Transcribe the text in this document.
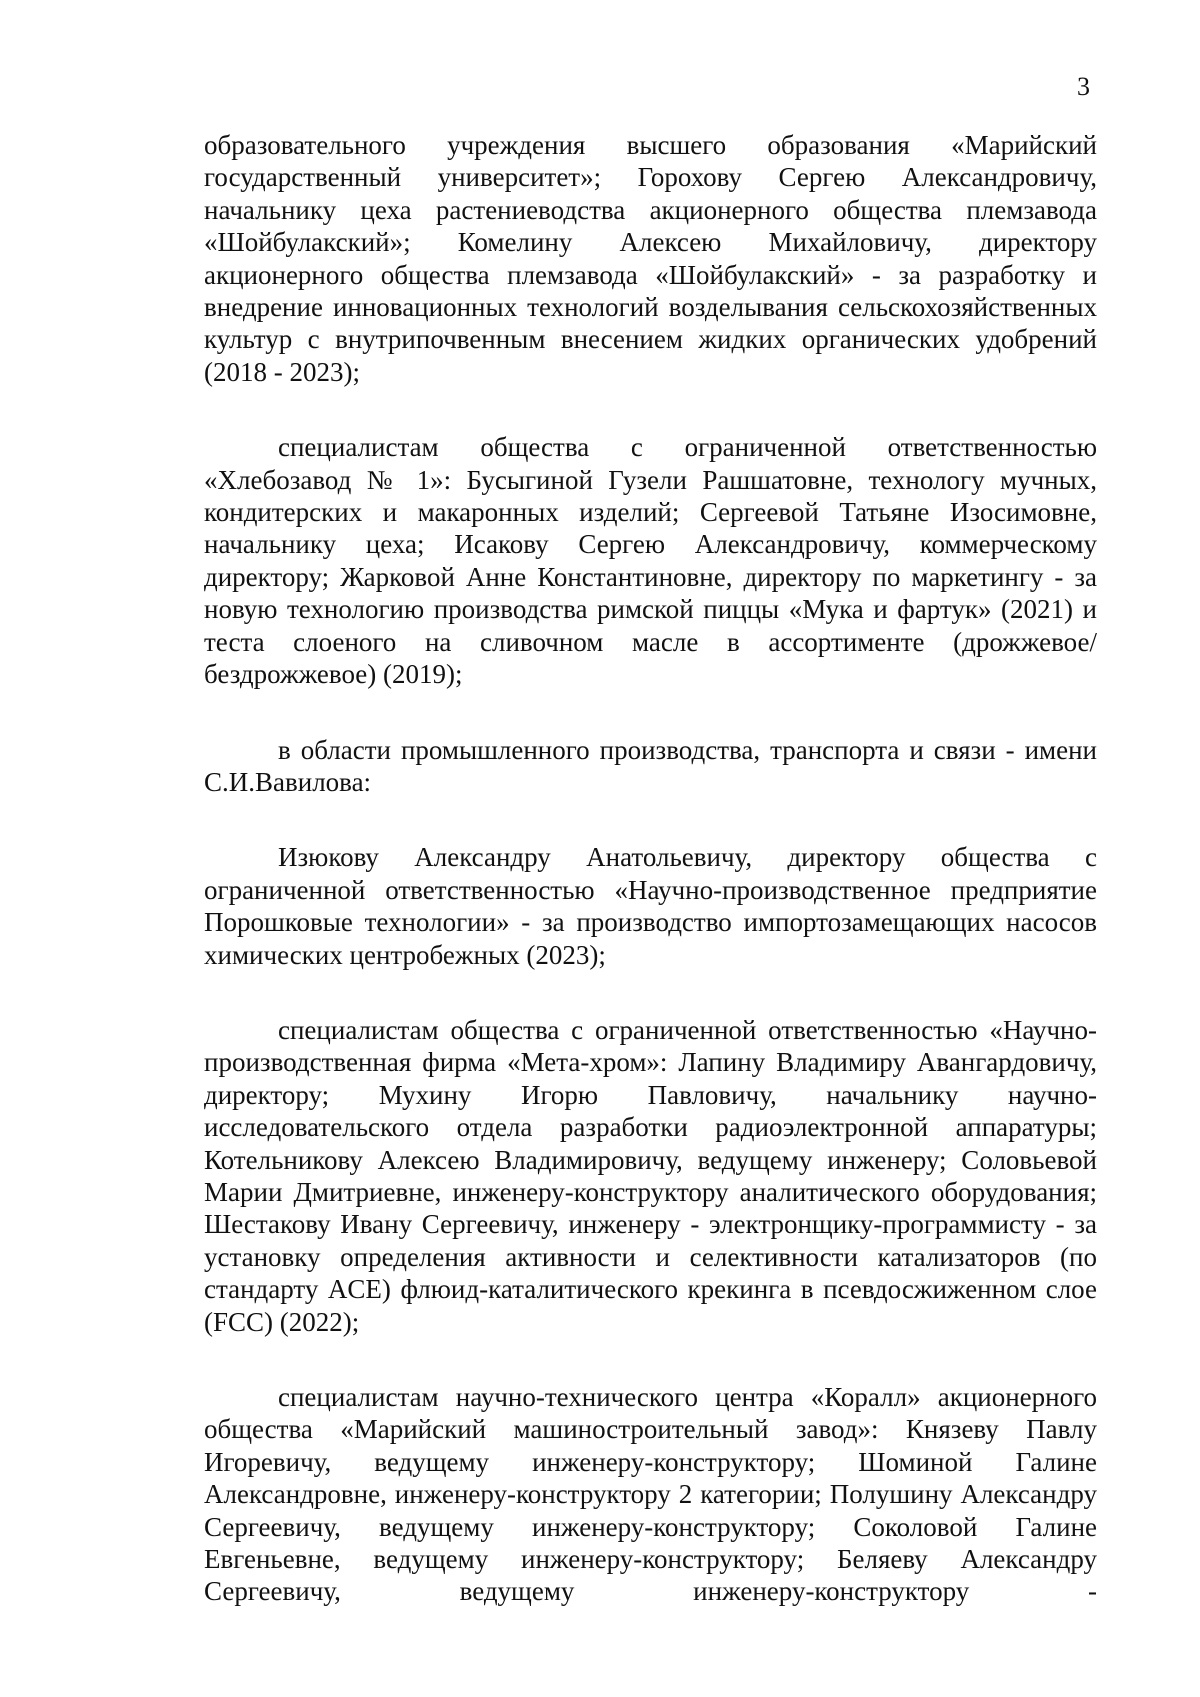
3

образовательного учреждения высшего образования «Марийский государственный университет»; Горохову Сергею Александровичу, начальнику цеха растениеводства акционерного общества племзавода «Шойбулакский»; Комелину Алексею Михайловичу, директору акционерного общества племзавода «Шойбулакский» - за разработку и внедрение инновационных технологий возделывания сельскохозяйственных культур с внутрипочвенным внесением жидких органических удобрений (2018 - 2023);

специалистам общества с ограниченной ответственностью «Хлебозавод № 1»: Бусыгиной Гузели Рашшатовне, технологу мучных, кондитерских и макаронных изделий; Сергеевой Татьяне Изосимовне, начальнику цеха; Исакову Сергею Александровичу, коммерческому директору; Жарковой Анне Константиновне, директору по маркетингу - за новую технологию производства римской пиццы «Мука и фартук» (2021) и теста слоеного на сливочном масле в ассортименте (дрожжевое/бездрожжевое) (2019);

в области промышленного производства, транспорта и связи - имени С.И.Вавилова:

Изюкову Александру Анатольевичу, директору общества с ограниченной ответственностью «Научно-производственное предприятие Порошковые технологии» - за производство импортозамещающих насосов химических центробежных (2023);

специалистам общества с ограниченной ответственностью «Научно-производственная фирма «Мета-хром»: Лапину Владимиру Авангардовичу, директору; Мухину Игорю Павловичу, начальнику научно-исследовательского отдела разработки радиоэлектронной аппаратуры; Котельникову Алексею Владимировичу, ведущему инженеру; Соловьевой Марии Дмитриевне, инженеру-конструктору аналитического оборудования; Шестакову Ивану Сергеевичу, инженеру - электронщику-программисту - за установку определения активности и селективности катализаторов (по стандарту ACE) флюид-каталитического крекинга в псевдосжиженном слое (FCC) (2022);

специалистам научно-технического центра «Коралл» акционерного общества «Марийский машиностроительный завод»: Князеву Павлу Игоревичу, ведущему инженеру-конструктору; Шоминой Галине Александровне, инженеру-конструктору 2 категории; Полушину Александру Сергеевичу, ведущему инженеру-конструктору; Соколовой Галине Евгеньевне, ведущему инженеру-конструктору; Беляеву Александру Сергеевичу, ведущему инженеру-конструктору -
